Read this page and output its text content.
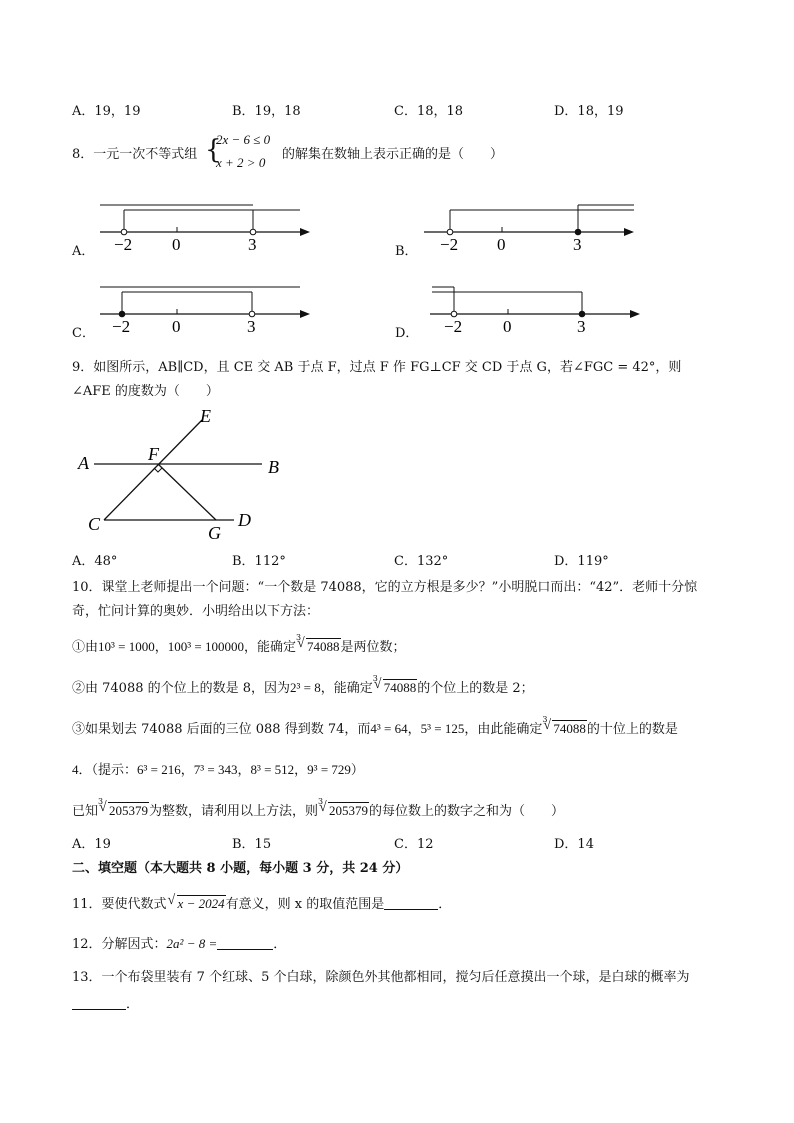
A．19，19	B．19，18	C．18，18	D．18，19
8．一元一次不等式组 {
2x − 6 ≤ 0
x + 2 > 0
的解集在数轴上表示正确的是（　　）
A． −2 0	3	B． −2 0	3
C． −2 0	3	D． −2 0	3
9．如图所示，AB∥CD，且 CE 交 AB 于点 F，过点 F 作 FG⊥CF 交 CD 于点 G，若∠FGC = 42°，则
∠AFE 的度数为（　　）
A	B
C	D
E
F
G
A．48°	B．112°	C．132°	D．119°
10．课堂上老师提出一个问题：“一个数是 74088，它的立方根是多少？”小明脱口而出：“42”．老师十分惊
奇，忙问计算的奥妙．小明给出以下方法：
①由10³ = 1000，100³ = 100000，能确定
3
√ 74088是两位数；
②由 74088 的个位上的数是 8，因为2³ = 8，能确定
3
√ 74088的个位上的数是 2；
③如果划去 74088 后面的三位 088 得到数 74，而4³ = 64，5³ = 125，由此能确定
3
√ 74088的十位上的数是
4．（提示：6³ = 216，7³ = 343，8³ = 512，9³ = 729）
已知
3
√ 205379为整数，请利用以上方法，则
3
√ 205379的每位数上的数字之和为（　　）
A．19	B．15	C．12	D．14
二、填空题（本大题共 8 小题，每小题 3 分，共 24 分）
11．要使代数式√ x − 2024有意义，则 x 的取值范围是	．
12．分解因式：2a² − 8 =	．
13．一个布袋里装有 7 个红球、5 个白球，除颜色外其他都相同，搅匀后任意摸出一个球，是白球的概率为
．
